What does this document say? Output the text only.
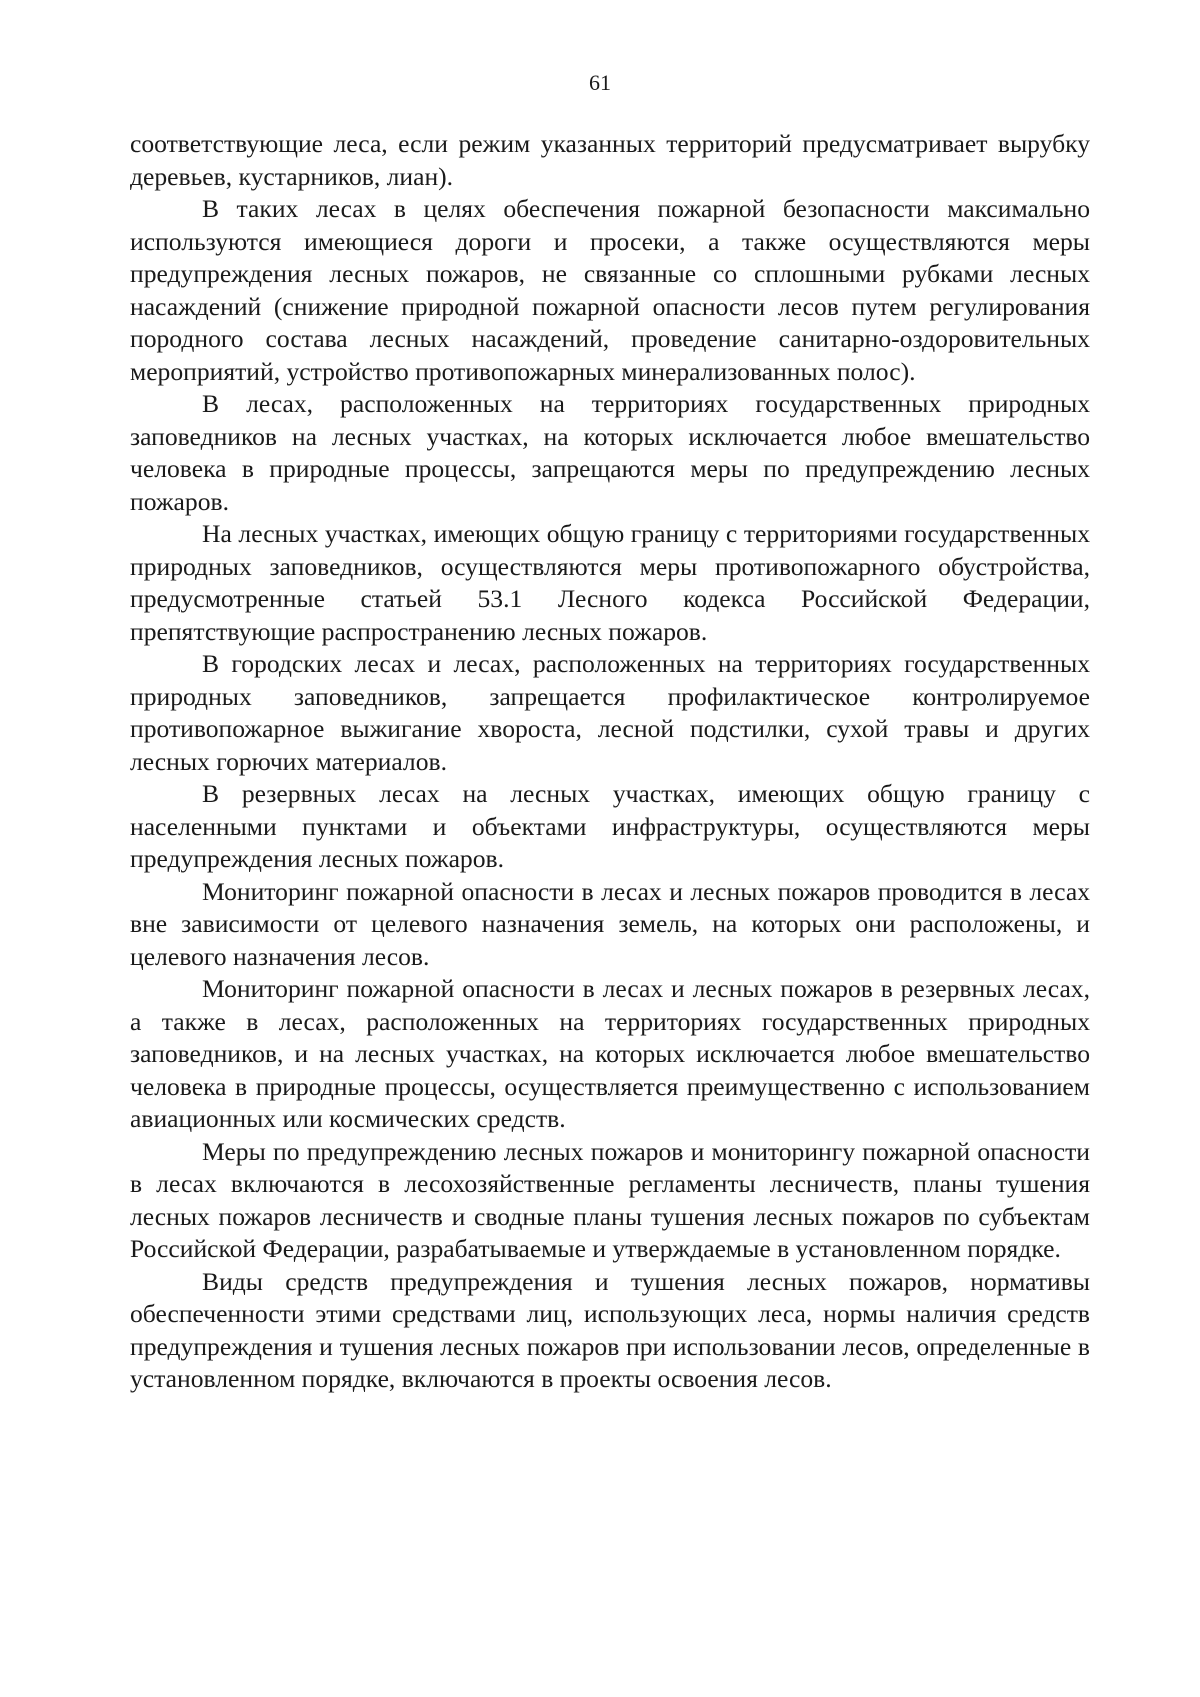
61

соответствующие леса, если режим указанных территорий предусматривает вырубку деревьев, кустарников, лиан).

В таких лесах в целях обеспечения пожарной безопасности максимально используются имеющиеся дороги и просеки, а также осуществляются меры предупреждения лесных пожаров, не связанные со сплошными рубками лесных насаждений (снижение природной пожарной опасности лесов путем регулирования породного состава лесных насаждений, проведение санитарно-оздоровительных мероприятий, устройство противопожарных минерализованных полос).

В лесах, расположенных на территориях государственных природных заповедников на лесных участках, на которых исключается любое вмешательство человека в природные процессы, запрещаются меры по предупреждению лесных пожаров.

На лесных участках, имеющих общую границу с территориями государственных природных заповедников, осуществляются меры противопожарного обустройства, предусмотренные статьей 53.1 Лесного кодекса Российской Федерации, препятствующие распространению лесных пожаров.

В городских лесах и лесах, расположенных на территориях государственных природных заповедников, запрещается профилактическое контролируемое противопожарное выжигание хвороста, лесной подстилки, сухой травы и других лесных горючих материалов.

В резервных лесах на лесных участках, имеющих общую границу с населенными пунктами и объектами инфраструктуры, осуществляются меры предупреждения лесных пожаров.

Мониторинг пожарной опасности в лесах и лесных пожаров проводится в лесах вне зависимости от целевого назначения земель, на которых они расположены, и целевого назначения лесов.

Мониторинг пожарной опасности в лесах и лесных пожаров в резервных лесах, а также в лесах, расположенных на территориях государственных природных заповедников, и на лесных участках, на которых исключается любое вмешательство человека в природные процессы, осуществляется преимущественно с использованием авиационных или космических средств.

Меры по предупреждению лесных пожаров и мониторингу пожарной опасности в лесах включаются в лесохозяйственные регламенты лесничеств, планы тушения лесных пожаров лесничеств и сводные планы тушения лесных пожаров по субъектам Российской Федерации, разрабатываемые и утверждаемые в установленном порядке.

Виды средств предупреждения и тушения лесных пожаров, нормативы обеспеченности этими средствами лиц, использующих леса, нормы наличия средств предупреждения и тушения лесных пожаров при использовании лесов, определенные в установленном порядке, включаются в проекты освоения лесов.
